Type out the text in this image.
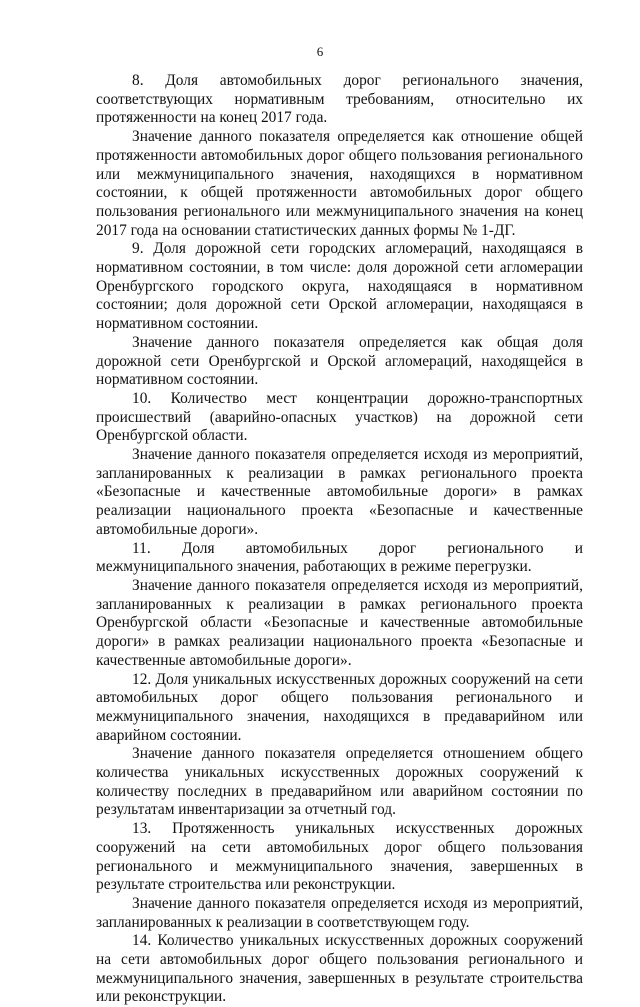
6

8. Доля автомобильных дорог регионального значения, соответствующих нормативным требованиям, относительно их протяженности на конец 2017 года.

Значение данного показателя определяется как отношение общей протяженности автомобильных дорог общего пользования регионального или межмуниципального значения, находящихся в нормативном состоянии, к общей протяженности автомобильных дорог общего пользования регионального или межмуниципального значения на конец 2017 года на основании статистических данных формы № 1-ДГ.

9. Доля дорожной сети городских агломераций, находящаяся в нормативном состоянии, в том числе: доля дорожной сети агломерации Оренбургского городского округа, находящаяся в нормативном состоянии; доля дорожной сети Орской агломерации, находящаяся в нормативном состоянии.

Значение данного показателя определяется как общая доля дорожной сети Оренбургской и Орской агломераций, находящейся в нормативном состоянии.

10. Количество мест концентрации дорожно-транспортных происшествий (аварийно-опасных участков) на дорожной сети Оренбургской области.

Значение данного показателя определяется исходя из мероприятий, запланированных к реализации в рамках регионального проекта «Безопасные и качественные автомобильные дороги» в рамках реализации национального проекта «Безопасные и качественные автомобильные дороги».

11. Доля автомобильных дорог регионального и межмуниципального значения, работающих в режиме перегрузки.

Значение данного показателя определяется исходя из мероприятий, запланированных к реализации в рамках регионального проекта Оренбургской области «Безопасные и качественные автомобильные дороги» в рамках реализации национального проекта «Безопасные и качественные автомобильные дороги».

12. Доля уникальных искусственных дорожных сооружений на сети автомобильных дорог общего пользования регионального и межмуниципального значения, находящихся в предаварийном или аварийном состоянии.

Значение данного показателя определяется отношением общего количества уникальных искусственных дорожных сооружений к количеству последних в предаварийном или аварийном состоянии по результатам инвентаризации за отчетный год.

13. Протяженность уникальных искусственных дорожных сооружений на сети автомобильных дорог общего пользования регионального и межмуниципального значения, завершенных в результате строительства или реконструкции.

Значение данного показателя определяется исходя из мероприятий, запланированных к реализации в соответствующем году.

14. Количество уникальных искусственных дорожных сооружений на сети автомобильных дорог общего пользования регионального и межмуниципального значения, завершенных в результате строительства или реконструкции.
